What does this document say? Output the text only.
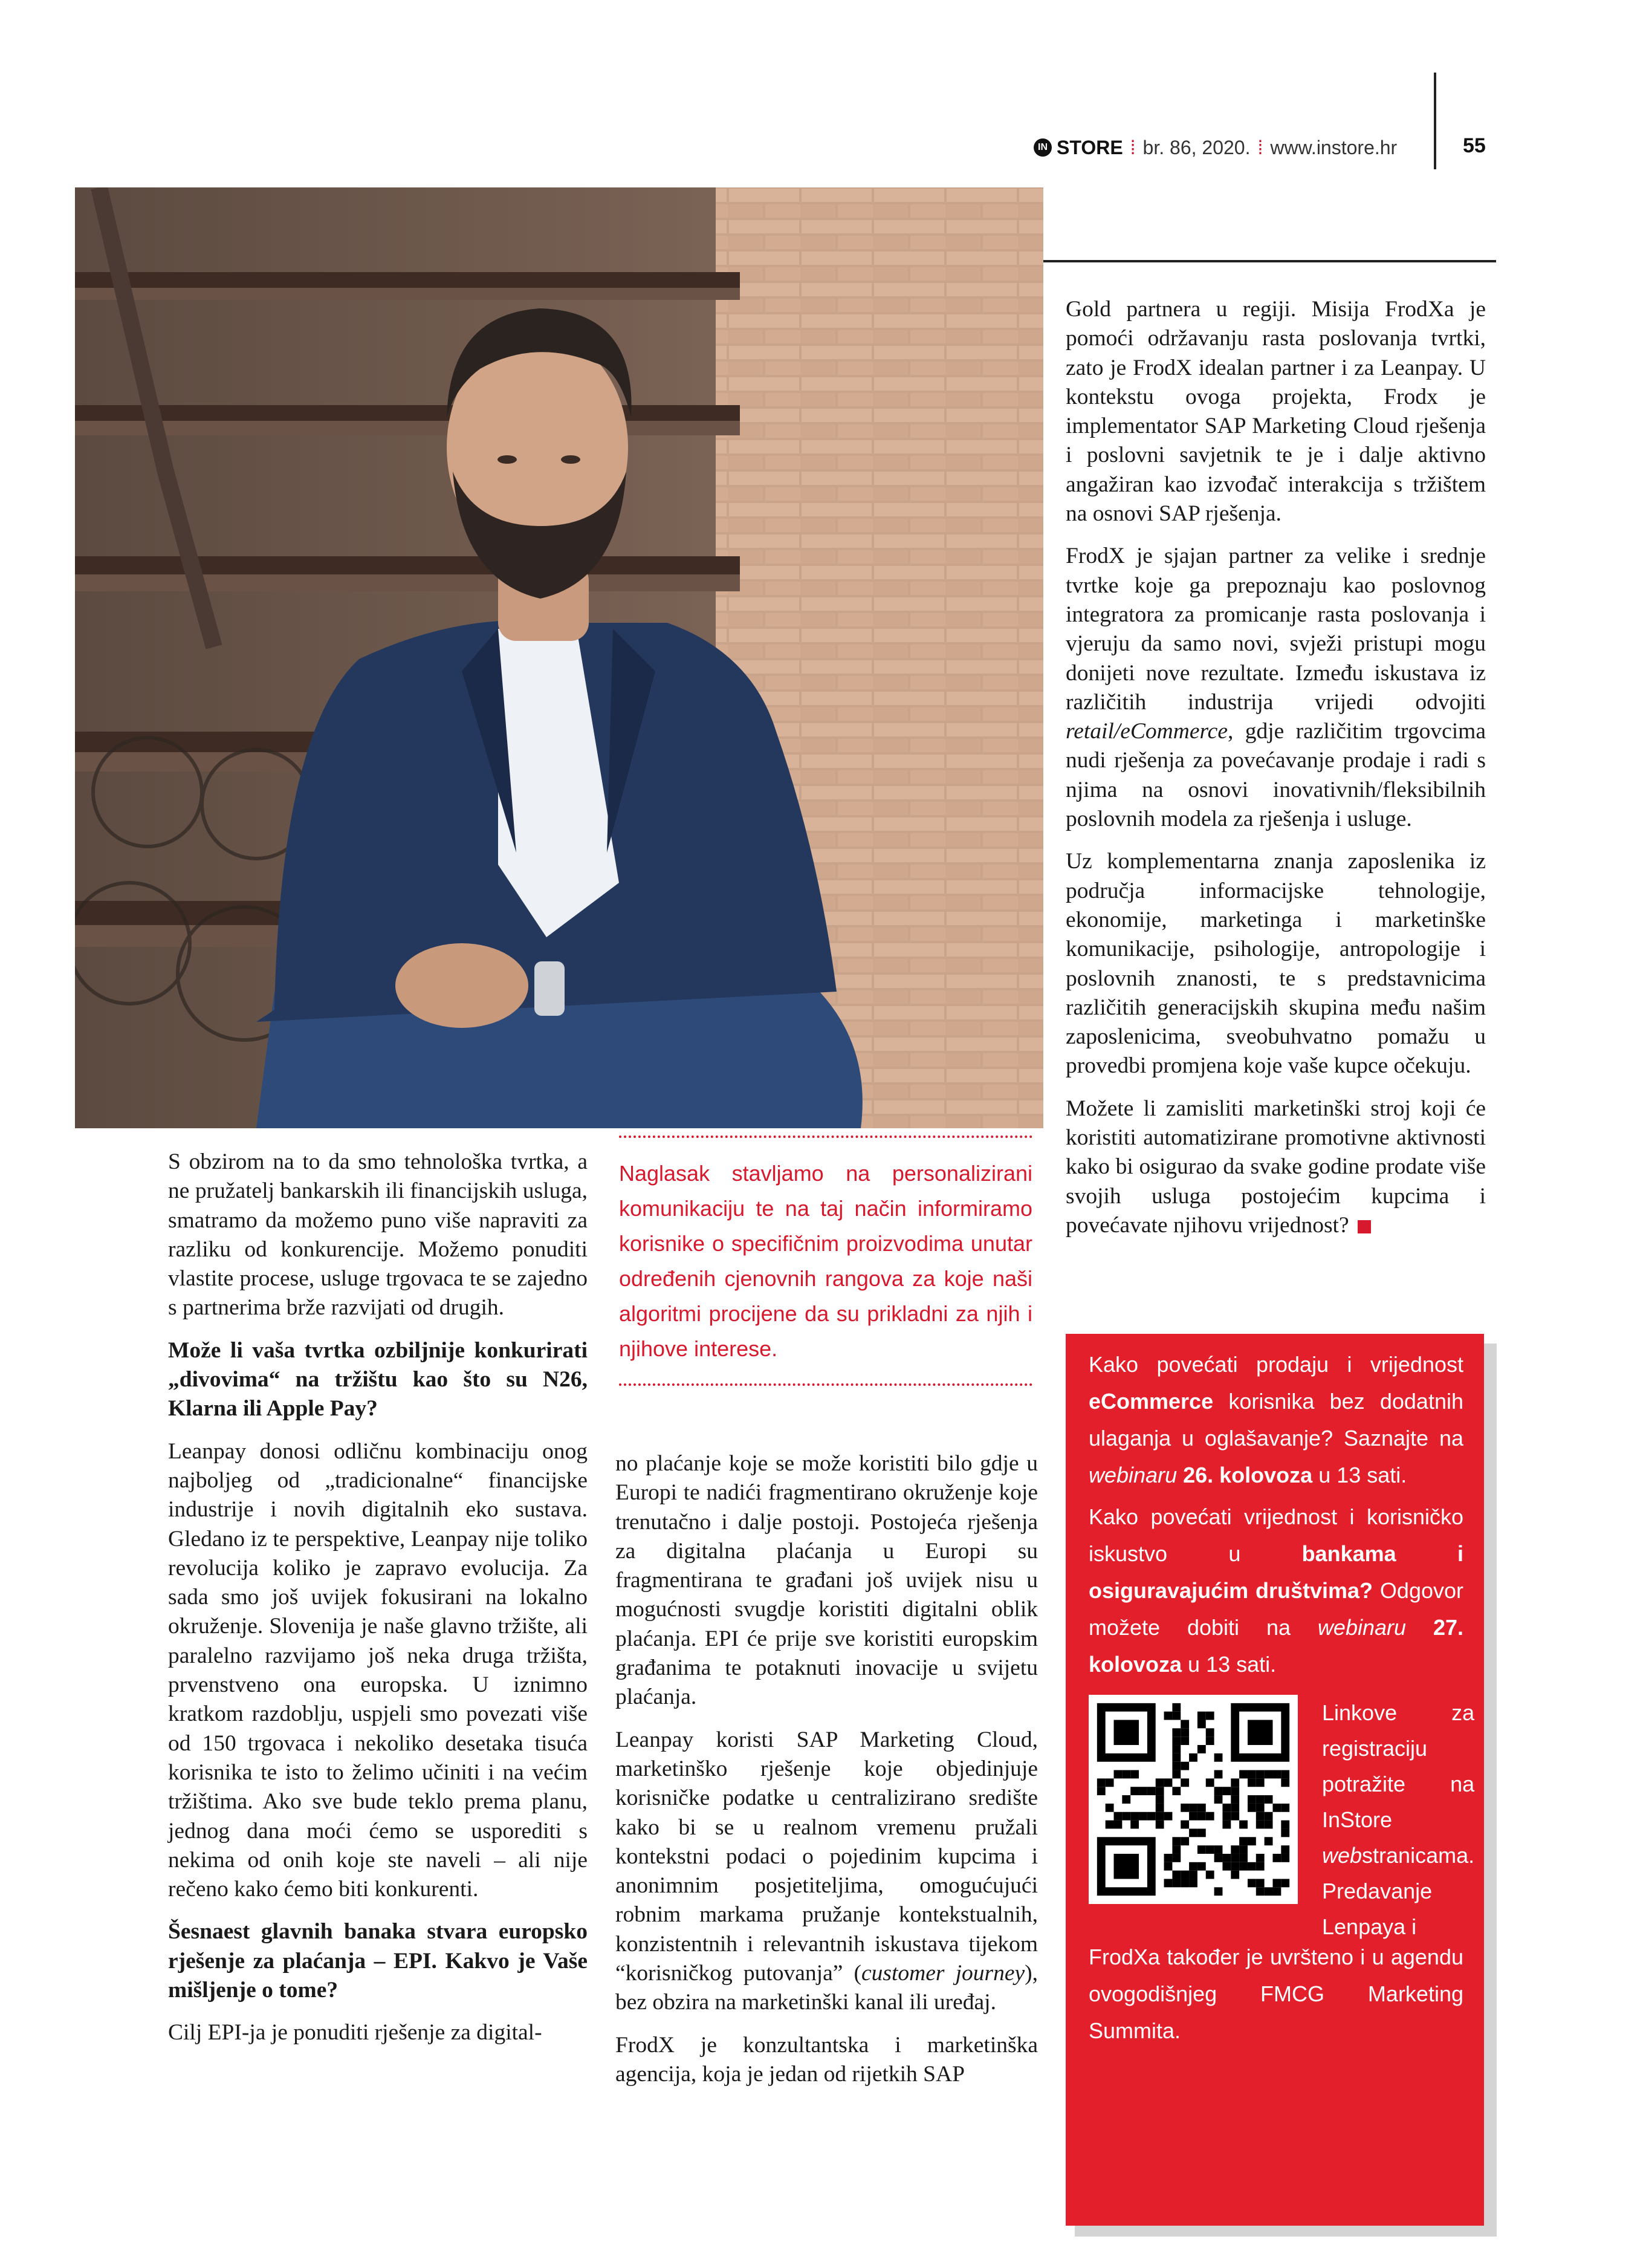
IN STORE ⁞ br. 86, 2020. ⁞ www.instore.hr	55

S obzirom na to da smo tehnološka tvrtka, a ne pružatelj bankarskih ili financijskih usluga, smatramo da možemo puno više napraviti za razliku od konkurencije. Možemo ponuditi vlastite procese, usluge trgovaca te se zajedno s partnerima brže razvijati od drugih.

Može li vaša tvrtka ozbiljnije konkurirati „divovima“ na tržištu kao što su N26, Klarna ili Apple Pay?

Leanpay donosi odličnu kombinaciju onog najboljeg od „tradicionalne“ financijske industrije i novih digitalnih eko sustava. Gledano iz te perspektive, Leanpay nije toliko revolucija koliko je zapravo evolucija. Za sada smo još uvijek fokusirani na lokalno okruženje. Slovenija je naše glavno tržište, ali paralelno razvijamo još neka druga tržišta, prvenstveno ona europska. U iznimno kratkom razdoblju, uspjeli smo povezati više od 150 trgovaca i nekoliko desetaka tisuća korisnika te isto to želimo učiniti i na većim tržištima. Ako sve bude teklo prema planu, jednog dana moći ćemo se usporediti s nekima od onih koje ste naveli – ali nije rečeno kako ćemo biti konkurenti.

Šesnaest glavnih banaka stvara europsko rješenje za plaćanja – EPI. Kakvo je Vaše mišljenje o tome?

Cilj EPI-ja je ponuditi rješenje za digital-

Naglasak stavljamo na personalizirani komunikaciju te na taj način informiramo korisnike o specifičnim proizvodima unutar određenih cjenovnih rangova za koje naši algoritmi procijene da su prikladni za njih i njihove interese.

no plaćanje koje se može koristiti bilo gdje u Europi te nadići fragmentirano okruženje koje trenutačno i dalje postoji. Postojeća rješenja za digitalna plaćanja u Europi su fragmentirana te građani još uvijek nisu u mogućnosti svugdje koristiti digitalni oblik plaćanja. EPI će prije sve koristiti europskim građanima te potaknuti inovacije u svijetu plaćanja.

Leanpay koristi SAP Marketing Cloud, marketinško rješenje koje objedinjuje korisničke podatke u centralizirano središte kako bi se u realnom vremenu pružali kontekstni podaci o pojedinim kupcima i anonimnim posjetiteljima, omogućujući robnim markama pružanje kontekstualnih, konzistentnih i relevantnih iskustava tijekom “korisničkog putovanja” (customer journey), bez obzira na marketinški kanal ili uređaj.

FrodX je konzultantska i marketinška agencija, koja je jedan od rijetkih SAP

Gold partnera u regiji. Misija FrodXa je pomoći održavanju rasta poslovanja tvrtki, zato je FrodX idealan partner i za Leanpay. U kontekstu ovoga projekta, Frodx je implementator SAP Marketing Cloud rješenja i poslovni savjetnik te je i dalje aktivno angažiran kao izvođač interakcija s tržištem na osnovi SAP rješenja.

FrodX je sjajan partner za velike i srednje tvrtke koje ga prepoznaju kao poslovnog integratora za promicanje rasta poslovanja i vjeruju da samo novi, svježi pristupi mogu donijeti nove rezultate. Između iskustava iz različitih industrija vrijedi odvojiti retail/eCommerce, gdje različitim trgovcima nudi rješenja za povećavanje prodaje i radi s njima na osnovi inovativnih/fleksibilnih poslovnih modela za rješenja i usluge.

Uz komplementarna znanja zaposlenika iz područja informacijske tehnologije, ekonomije, marketinga i marketinške komunikacije, psihologije, antropologije i poslovnih znanosti, te s predstavnicima različitih generacijskih skupina među našim zaposlenicima, sveobuhvatno pomažu u provedbi promjena koje vaše kupce očekuju.

Možete li zamisliti marketinški stroj koji će koristiti automatizirane promotivne aktivnosti kako bi osigurao da svake godine prodate više svojih usluga postojećim kupcima i povećavate njihovu vrijednost?

Kako povećati prodaju i vrijednost eCommerce korisnika bez dodatnih ulaganja u oglašavanje? Saznajte na webinaru 26. kolovoza u 13 sati.

Kako povećati vrijednost i korisničko iskustvo u bankama i osiguravajućim društvima? Odgovor možete dobiti na webinaru 27. kolovoza u 13 sati.

Linkove za registraciju potražite na InStore webstranicama. Predavanje Lenpaya i

FrodXa također je uvršteno i u agendu ovogodišnjeg FMCG Marketing Summita.
